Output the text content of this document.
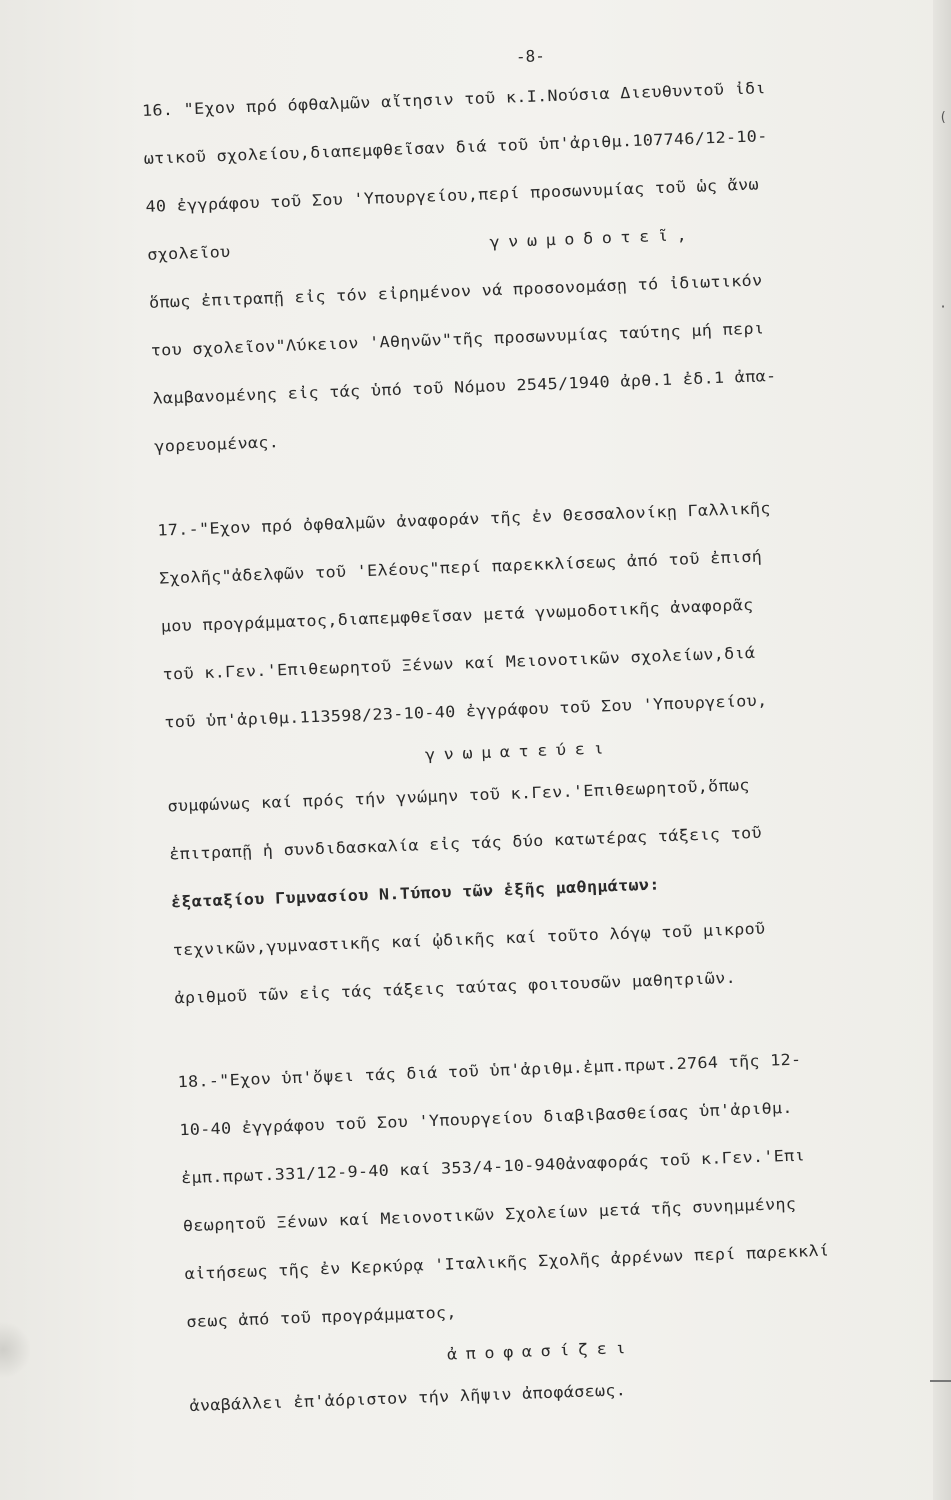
(
·
-8-
16. "Εχον πρό όφθαλμῶν αἴτησιν τοῦ κ.Ι.Νούσια Διευθυντοῦ ἰδι
ωτικοῦ σχολείου,διαπεμφθεῖσαν διά τοῦ ὑπ'ἀριθμ.107746/12-10-
40 ἐγγράφου τοῦ Σου 'Υπουργείου,περί προσωνυμίας τοῦ ὡς ἄνω
σχολεῖουγνωμοδοτεῖ,
ὅπως ἐπιτραπῇ εἰς τόν εἰρημένον νά προσονομάσῃ τό ἰδιωτικόν
του σχολεῖον"Λύκειον 'Αθηνῶν"τῆς προσωνυμίας ταύτης μή περι
λαμβανομένης εἰς τάς ὑπό τοῦ Νόμου 2545/1940 ἀρθ.1 ἐδ.1 ἀπα-
γορευομένας.
17.-"Εχον πρό ὀφθαλμῶν ἀναφοράν τῆς ἐν Θεσσαλονίκῃ Γαλλικῆς
Σχολῆς"ἀδελφῶν τοῦ 'Ελέους"περί παρεκκλίσεως ἀπό τοῦ ἐπισή
μου προγράμματος,διαπεμφθεῖσαν μετά γνωμοδοτικῆς ἀναφορᾶς
τοῦ κ.Γεν.'Επιθεωρητοῦ Ξένων καί Μειονοτικῶν σχολείων,διά
τοῦ ὑπ'ἀριθμ.113598/23-10-40 ἐγγράφου τοῦ Σου 'Υπουργείου,
γνωματεύει
συμφώνως καί πρός τήν γνώμην τοῦ κ.Γεν.'Επιθεωρητοῦ,ὅπως
ἐπιτραπῇ ἡ συνδιδασκαλία εἰς τάς δύο κατωτέρας τάξεις τοῦ
ἑξαταξίου Γυμνασίου Ν.Τύπου τῶν ἑξῆς μαθημάτων:
τεχνικῶν,γυμναστικῆς καί ᾠδικῆς καί τοῦτο λόγῳ τοῦ μικροῦ
ἀριθμοῦ τῶν εἰς τάς τάξεις ταύτας φοιτουσῶν μαθητριῶν.
18.-"Εχον ὑπ'ὄψει τάς διά τοῦ ὑπ'ἀριθμ.ἐμπ.πρωτ.2764 τῆς 12-
10-40 ἐγγράφου τοῦ Σου 'Υπουργείου διαβιβασθείσας ὑπ'ἀριθμ.
ἐμπ.πρωτ.331/12-9-40 καί 353/4-10-940ἀναφοράς τοῦ κ.Γεν.'Επι
θεωρητοῦ Ξένων καί Μειονοτικῶν Σχολείων μετά τῆς συνημμένης
αἰτήσεως τῆς ἐν Κερκύρᾳ 'Ιταλικῆς Σχολῆς ἀρρένων περί παρεκκλί
σεως ἀπό τοῦ προγράμματος,
ἀποφασίζει
ἀναβάλλει ἐπ'ἀόριστον τήν λῆψιν ἀποφάσεως.
